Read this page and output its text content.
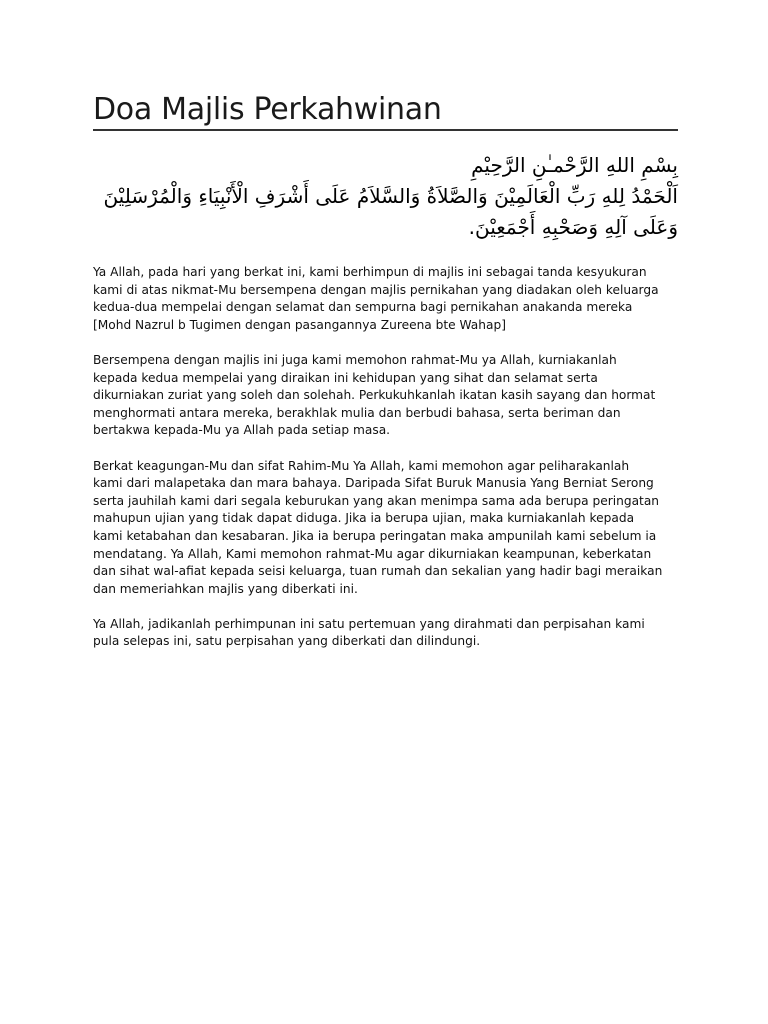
Doa Majlis Perkahwinan
بِسْمِ اللهِ الرَّحْمـٰنِ الرَّحِيْمِ
اَلْحَمْدُ لِلهِ رَبِّ الْعَالَمِيْنَ وَالصَّلاَةُ وَالسَّلاَمُ عَلَى أَشْرَفِ الْأَنْبِيَاءِ وَالْمُرْسَلِيْنَ
وَعَلَى آلِهِ وَصَحْبِهِ أَجْمَعِيْنَ.

Ya Allah, pada hari yang berkat ini, kami berhimpun di majlis ini sebagai tanda kesyukuran
kami di atas nikmat-Mu bersempena dengan majlis pernikahan yang diadakan oleh keluarga
kedua-dua mempelai dengan selamat dan sempurna bagi pernikahan anakanda mereka
[Mohd Nazrul b Tugimen dengan pasangannya Zureena bte Wahap]

Bersempena dengan majlis ini juga kami memohon rahmat-Mu ya Allah, kurniakanlah
kepada kedua mempelai yang diraikan ini kehidupan yang sihat dan selamat serta
dikurniakan zuriat yang soleh dan solehah. Perkukuhkanlah ikatan kasih sayang dan hormat
menghormati antara mereka, berakhlak mulia dan berbudi bahasa, serta beriman dan
bertakwa kepada-Mu ya Allah pada setiap masa.

Berkat keagungan-Mu dan sifat Rahim-Mu Ya Allah, kami memohon agar peliharakanlah
kami dari malapetaka dan mara bahaya. Daripada Sifat Buruk Manusia Yang Berniat Serong
serta jauhilah kami dari segala keburukan yang akan menimpa sama ada berupa peringatan
mahupun ujian yang tidak dapat diduga. Jika ia berupa ujian, maka kurniakanlah kepada
kami ketabahan dan kesabaran. Jika ia berupa peringatan maka ampunilah kami sebelum ia
mendatang. Ya Allah, Kami memohon rahmat-Mu agar dikurniakan keampunan, keberkatan
dan sihat wal-afiat kepada seisi keluarga, tuan rumah dan sekalian yang hadir bagi meraikan
dan memeriahkan majlis yang diberkati ini.

Ya Allah, jadikanlah perhimpunan ini satu pertemuan yang dirahmati dan perpisahan kami
pula selepas ini, satu perpisahan yang diberkati dan dilindungi.
